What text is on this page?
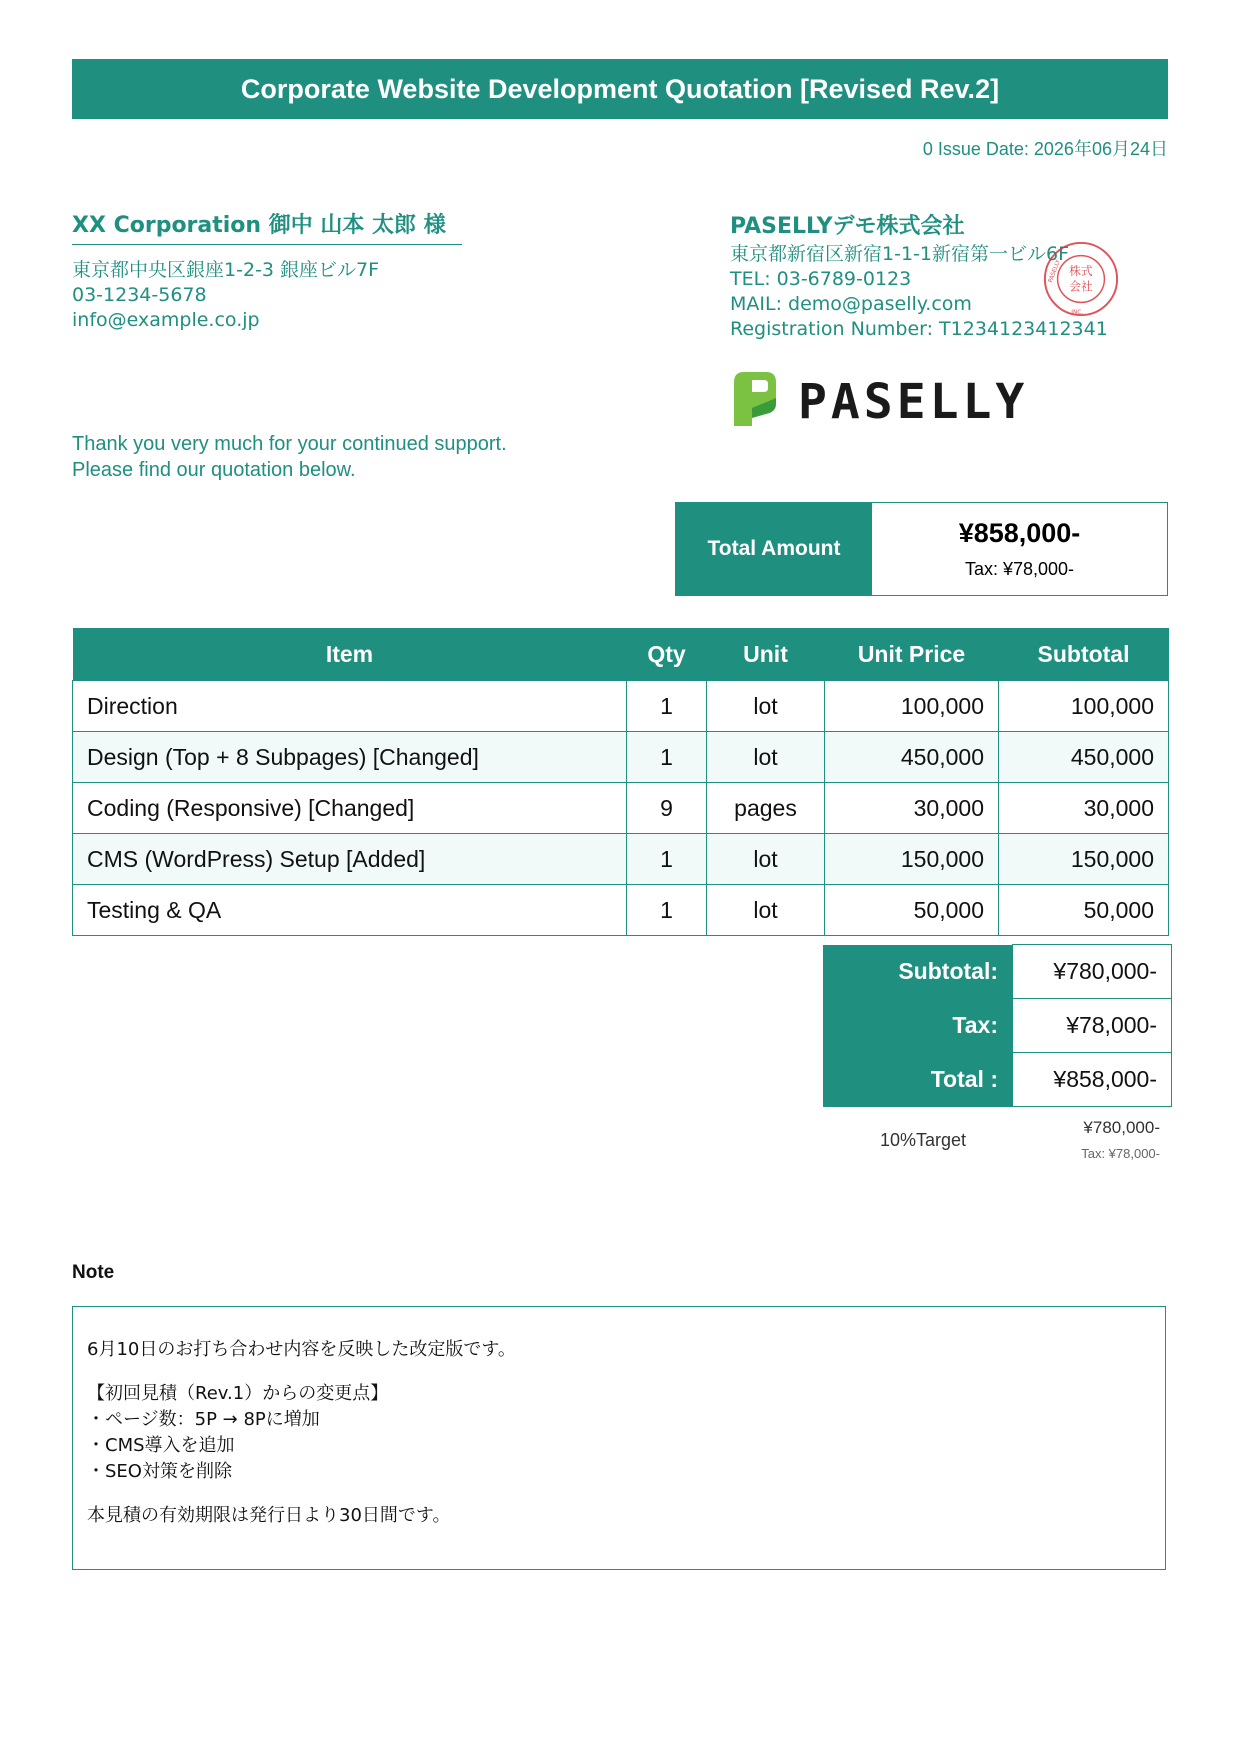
Corporate Website Development Quotation [Revised Rev.2]
0 Issue Date: 2026年06月24日
XX Corporation 御中 山本 太郎 様
東京都中央区銀座1-2-3 銀座ビル7F
03-1234-5678
info@example.co.jp
Thank you very much for your continued support.
Please find our quotation below.
PASELLYデモ株式会社
東京都新宿区新宿1-1-1新宿第一ビル6F
TEL: 03-6789-0123
MAIL: demo@paselly.com
Registration Number: T1234123412341
株式
会社
PASELLY
INC.
PASELLY
Total Amount
¥858,000-
Tax: ¥78,000-
Item	Qty	Unit	Unit Price	Subtotal
Direction	1	lot	100,000	100,000
Design (Top + 8 Subpages) [Changed]	1	lot	450,000	450,000
Coding (Responsive) [Changed]	9	pages	30,000	30,000
CMS (WordPress) Setup [Added]	1	lot	150,000	150,000
Testing & QA	1	lot	50,000	50,000
Subtotal:	¥780,000-
Tax:	¥78,000-
Total :	¥858,000-
10%Target
¥780,000-
Tax: ¥78,000-
Note
6月10日のお打ち合わせ内容を反映した改定版です。
【初回見積（Rev.1）からの変更点】
・ページ数：5P → 8Pに増加
・CMS導入を追加
・SEO対策を削除
本見積の有効期限は発行日より30日間です。
